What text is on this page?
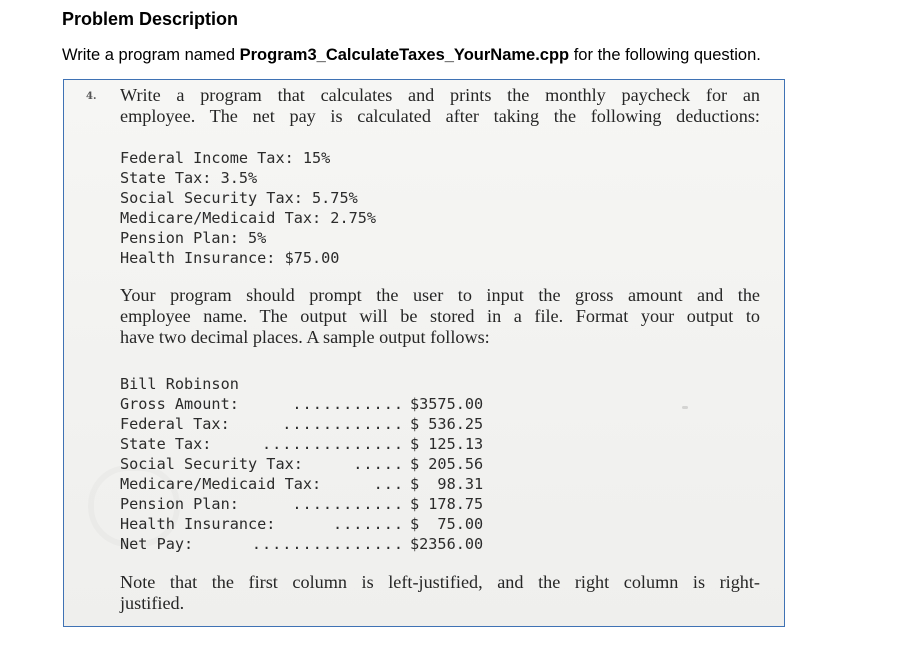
Problem Description
Write a program named Program3_CalculateTaxes_YourName.cpp for the following question.
4. Write a program that calculates and prints the monthly paycheck for an
employee. The net pay is calculated after taking the following deductions:
Federal Income Tax: 15%
State Tax: 3.5%
Social Security Tax: 5.75%
Medicare/Medicaid Tax: 2.75%
Pension Plan: 5%
Health Insurance: $75.00
Your program should prompt the user to input the gross amount and the
employee name. The output will be stored in a file. Format your output to
have two decimal places. A sample output follows:
Bill Robinson
Gross Amount:	........... $3575.00
Federal Tax:	............ $ 536.25
State Tax:	.............. $ 125.13
Social Security Tax:	..... $ 205.56
Medicare/Medicaid Tax:	... $  98.31
Pension Plan:	........... $ 178.75
Health Insurance:	....... $  75.00
Net Pay:	............... $2356.00
Note that the first column is left-justified, and the right column is right-
justified.
